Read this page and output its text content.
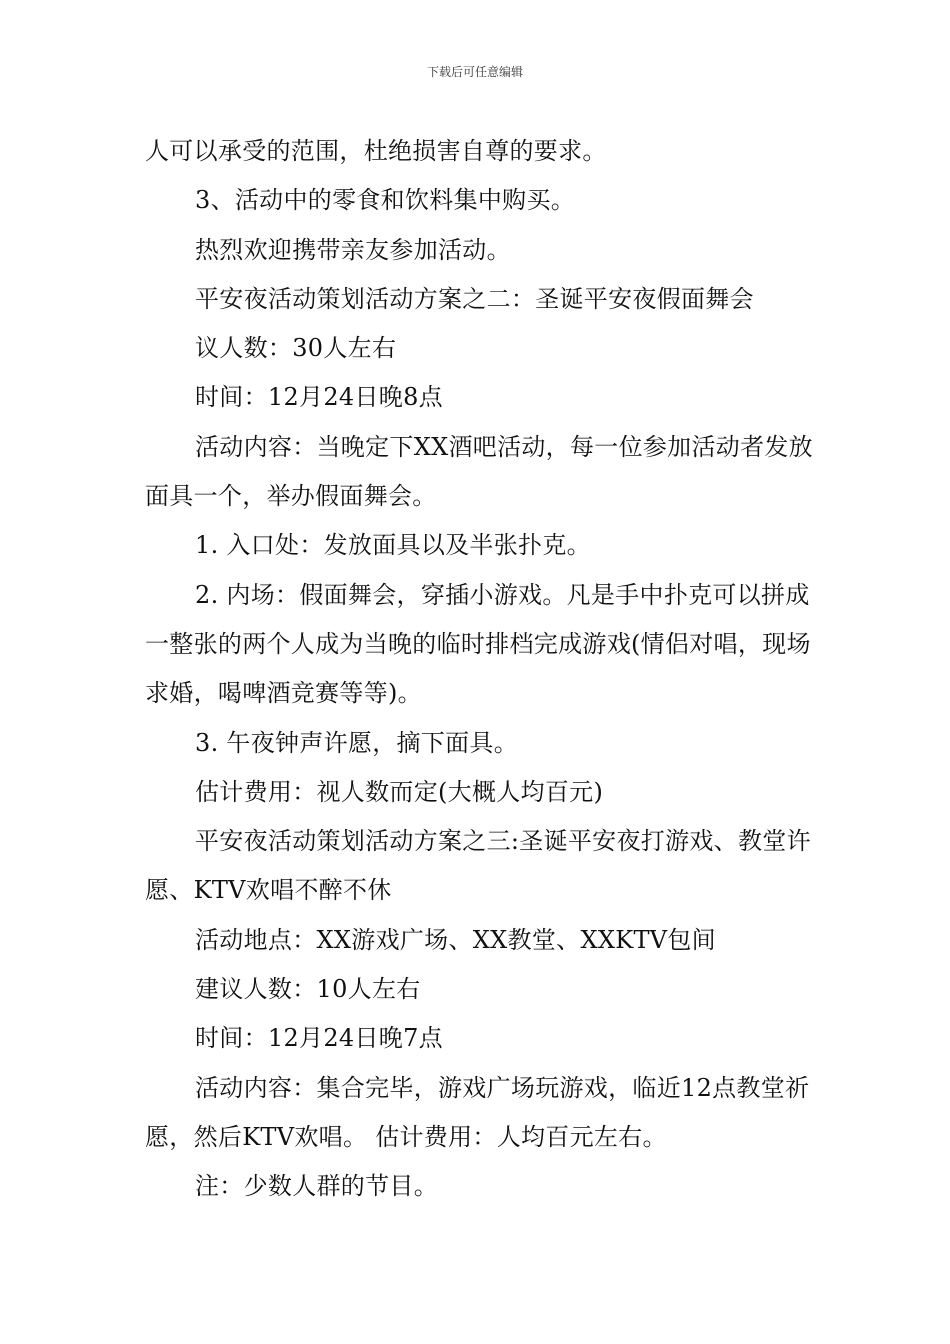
下载后可任意编辑

人可以承受的范围，杜绝损害自尊的要求。

3、活动中的零食和饮料集中购买。

热烈欢迎携带亲友参加活动。

平安夜活动策划活动方案之二：圣诞平安夜假面舞会

议人数：30人左右

时间：12月24日晚8点

活动内容：当晚定下XX酒吧活动，每一位参加活动者发放面具一个，举办假面舞会。

1. 入口处：发放面具以及半张扑克。

2. 内场：假面舞会，穿插小游戏。凡是手中扑克可以拼成一整张的两个人成为当晚的临时排档完成游戏(情侣对唱，现场求婚，喝啤酒竞赛等等)。

3. 午夜钟声许愿，摘下面具。

估计费用：视人数而定(大概人均百元)

平安夜活动策划活动方案之三:圣诞平安夜打游戏、教堂许愿、KTV欢唱不醉不休

活动地点：XX游戏广场、XX教堂、XXKTV包间

建议人数：10人左右

时间：12月24日晚7点

活动内容：集合完毕，游戏广场玩游戏，临近12点教堂祈愿，然后KTV欢唱。 估计费用：人均百元左右。

注：少数人群的节目。
